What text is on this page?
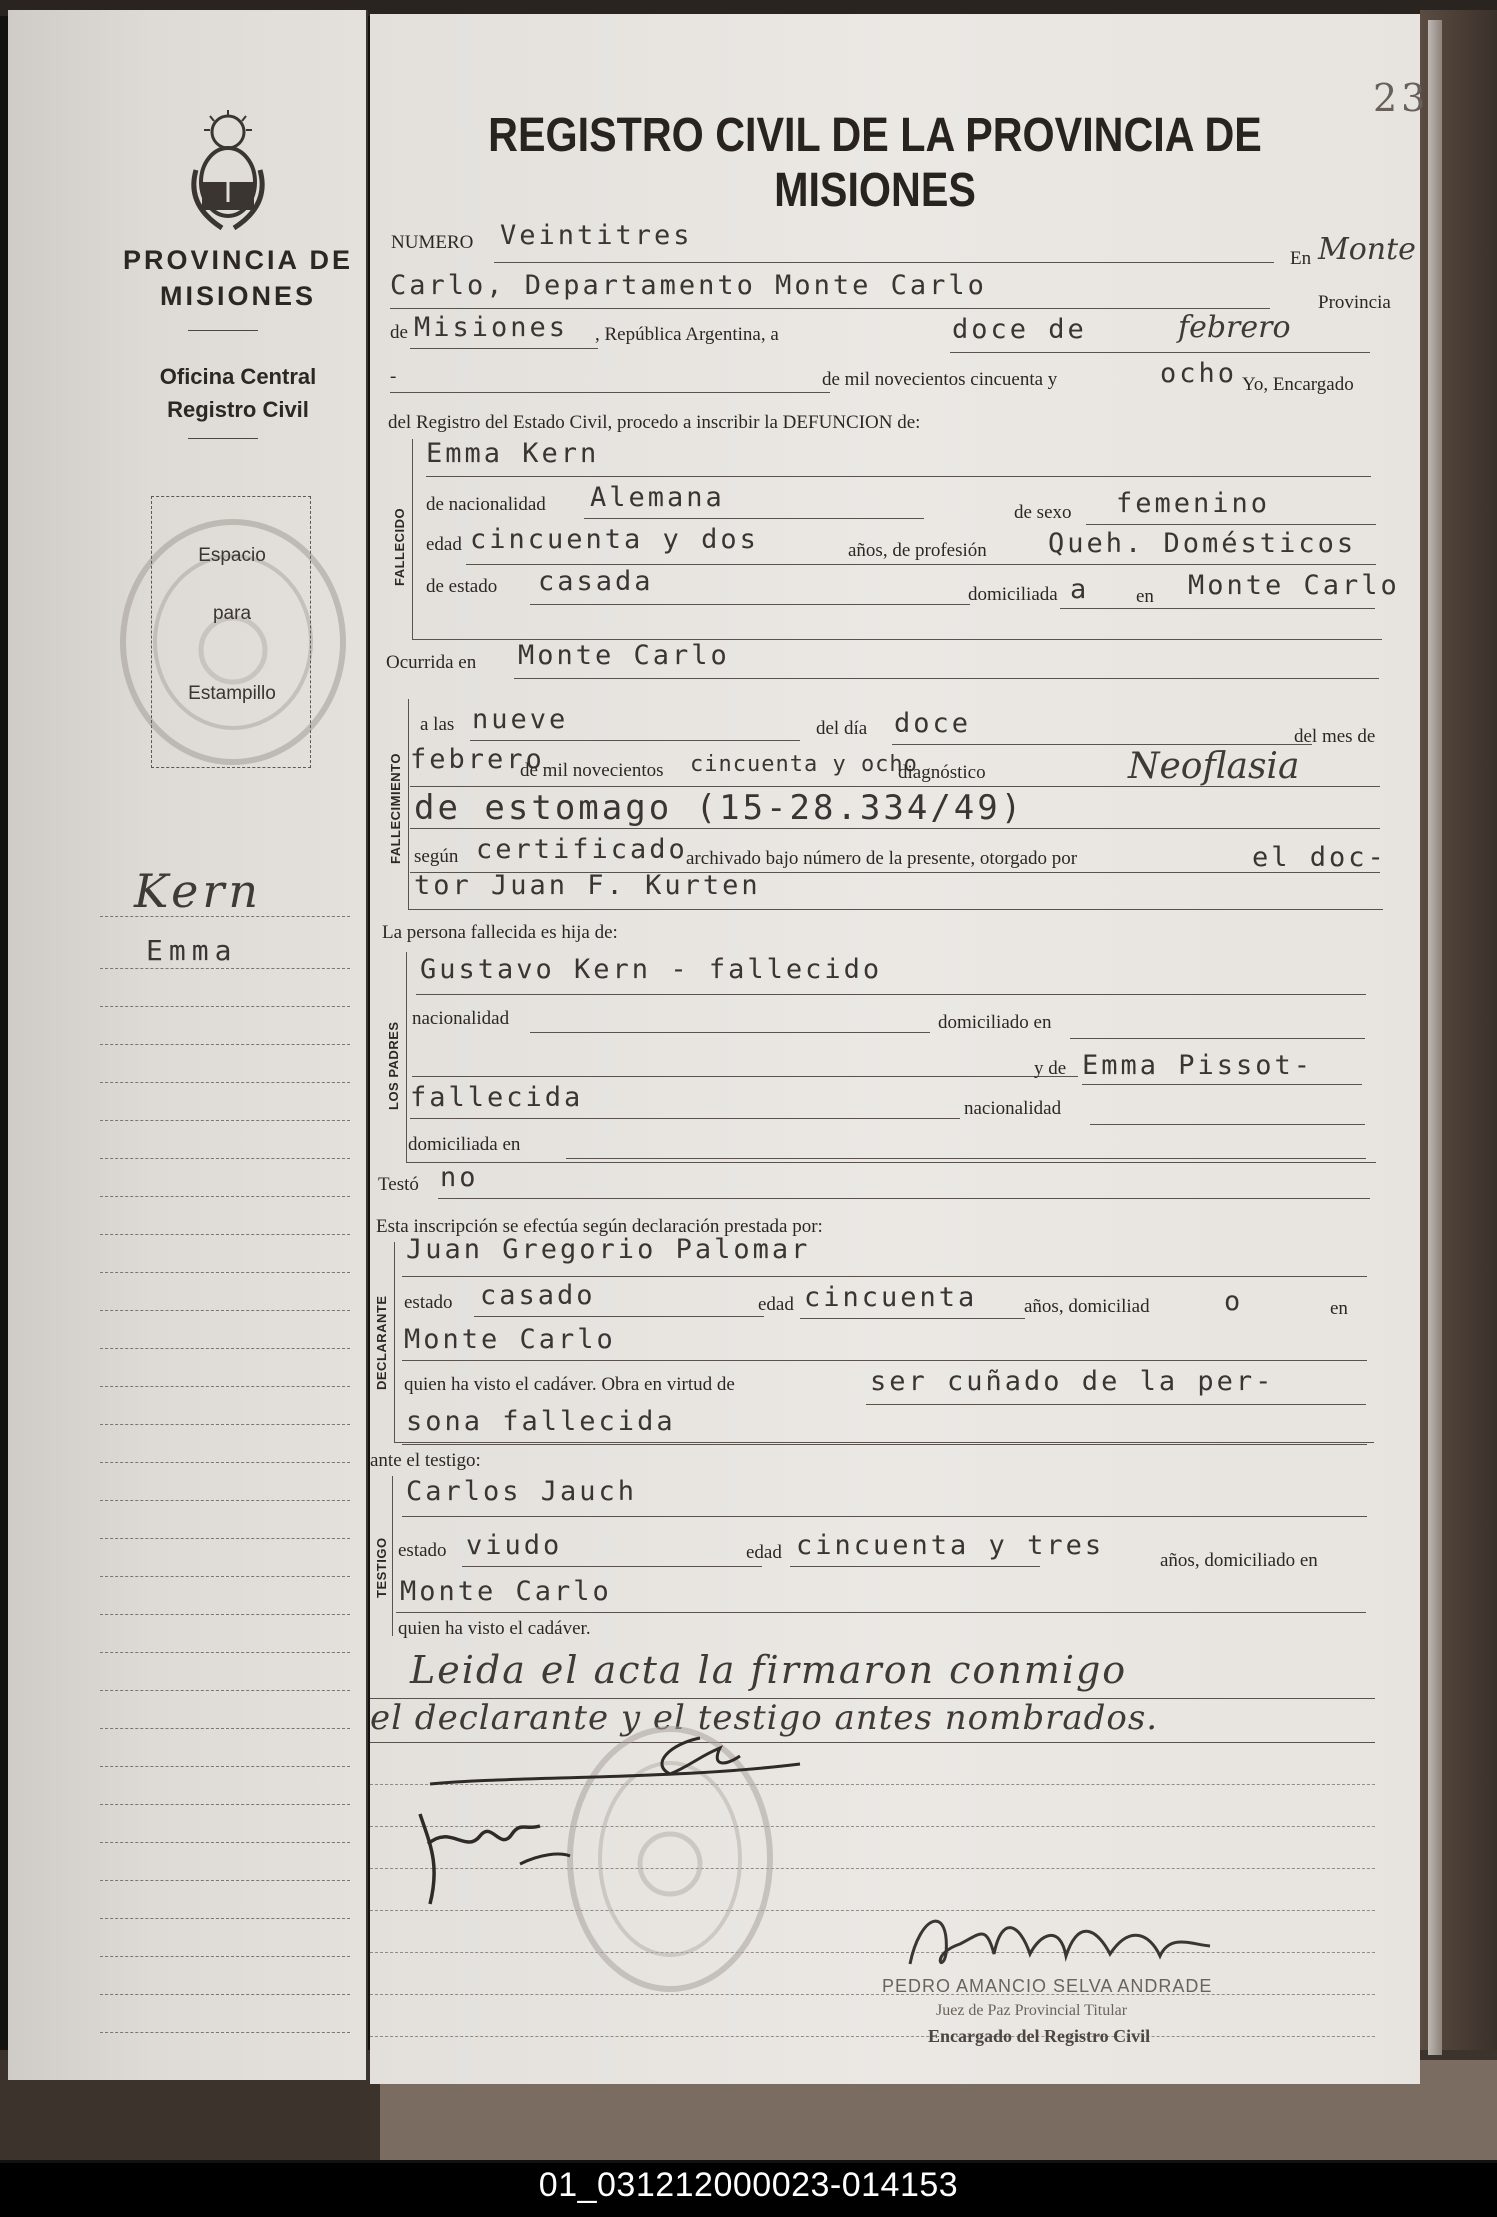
PROVINCIA DE
MISIONES
Oficina Central
Registro Civil
Espacio
para
Estampillo
Kern
Emma
23
REGISTRO CIVIL DE LA PROVINCIA DE MISIONES
NUMERO Veintitres
En Monte
Carlo, Departamento Monte Carlo
Provincia
de Misiones , República Argentina, a	doce de	febrero
-	de mil novecientos cincuenta y	ocho Yo, Encargado
del Registro del Estado Civil, procedo a inscribir la DEFUNCION de:
FALLECIDO
Emma Kern
de nacionalidad Alemana	de sexo femenino
edad cincuenta y dos	años, de profesión Queh. Domésticos
de estado casada	domiciliada a en Monte Carlo
Ocurrida en Monte Carlo
FALLECIMIENTO
a las nueve	del día doce	del mes de
febrero
de mil novecientos cincuenta y ocho
diagnóstico	Neoflasia
de estomago (15-28.334/49)
según certificado
archivado bajo número de la presente, otorgado por	el doc-
tor Juan F. Kurten
La persona fallecida es hija de:
LOS PADRES
Gustavo Kern - fallecido
nacionalidad	domiciliado en
y de Emma Pissot-
fallecida	nacionalidad
domiciliada en
Testó no
Esta inscripción se efectúa según declaración prestada por:
DECLARANTE
Juan Gregorio Palomar
estado casado	edad cincuenta años, domiciliad	o	en
Monte Carlo
quien ha visto el cadáver. Obra en virtud de	ser cuñado de la per-
sona fallecida
ante el testigo:
TESTIGO
Carlos Jauch
estado viudo	edad cincuenta y tres	años, domiciliado en
Monte Carlo
quien ha visto el cadáver.
Leida el acta la firmaron conmigo
el declarante y el testigo antes nombrados.
PEDRO AMANCIO SELVA ANDRADE
Juez de Paz Provincial Titular
Encargado del Registro Civil
01_031212000023-014153
